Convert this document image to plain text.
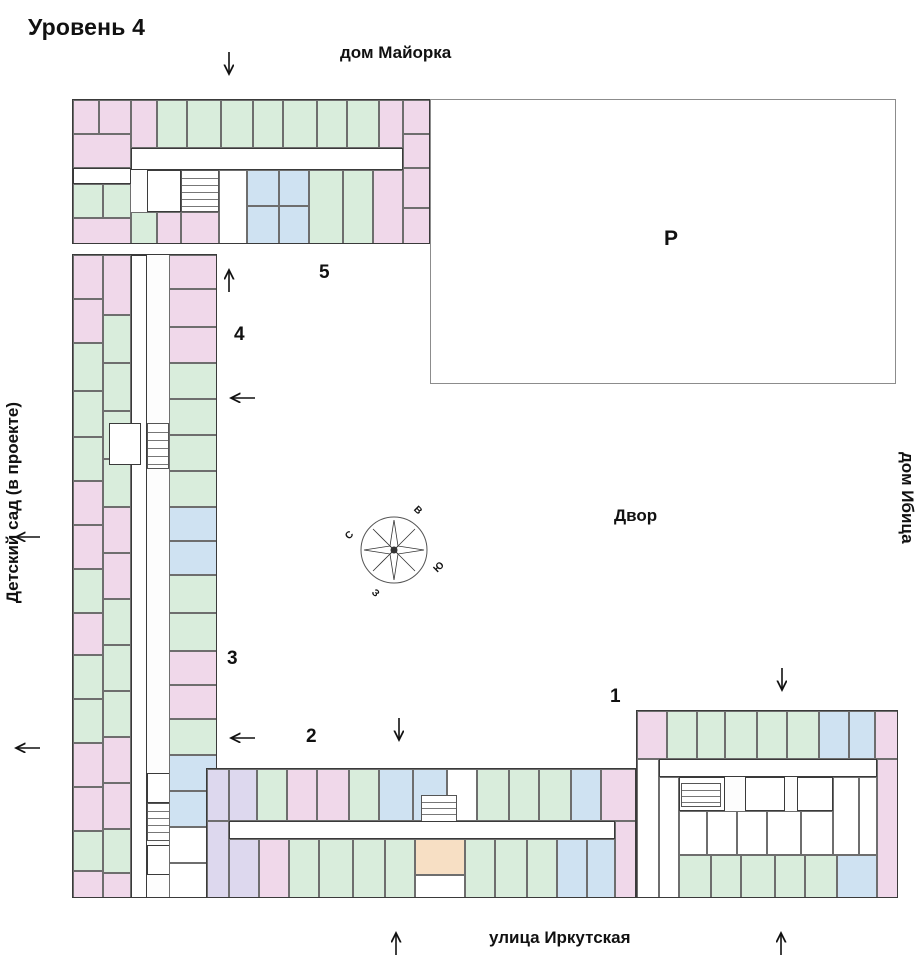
Уровень 4
дом Майорка
улица Иркутская
дом Ибица
Детский сад (в проекте)	Двор
Р
1
2
3
4
5
С
В
Ю
З
